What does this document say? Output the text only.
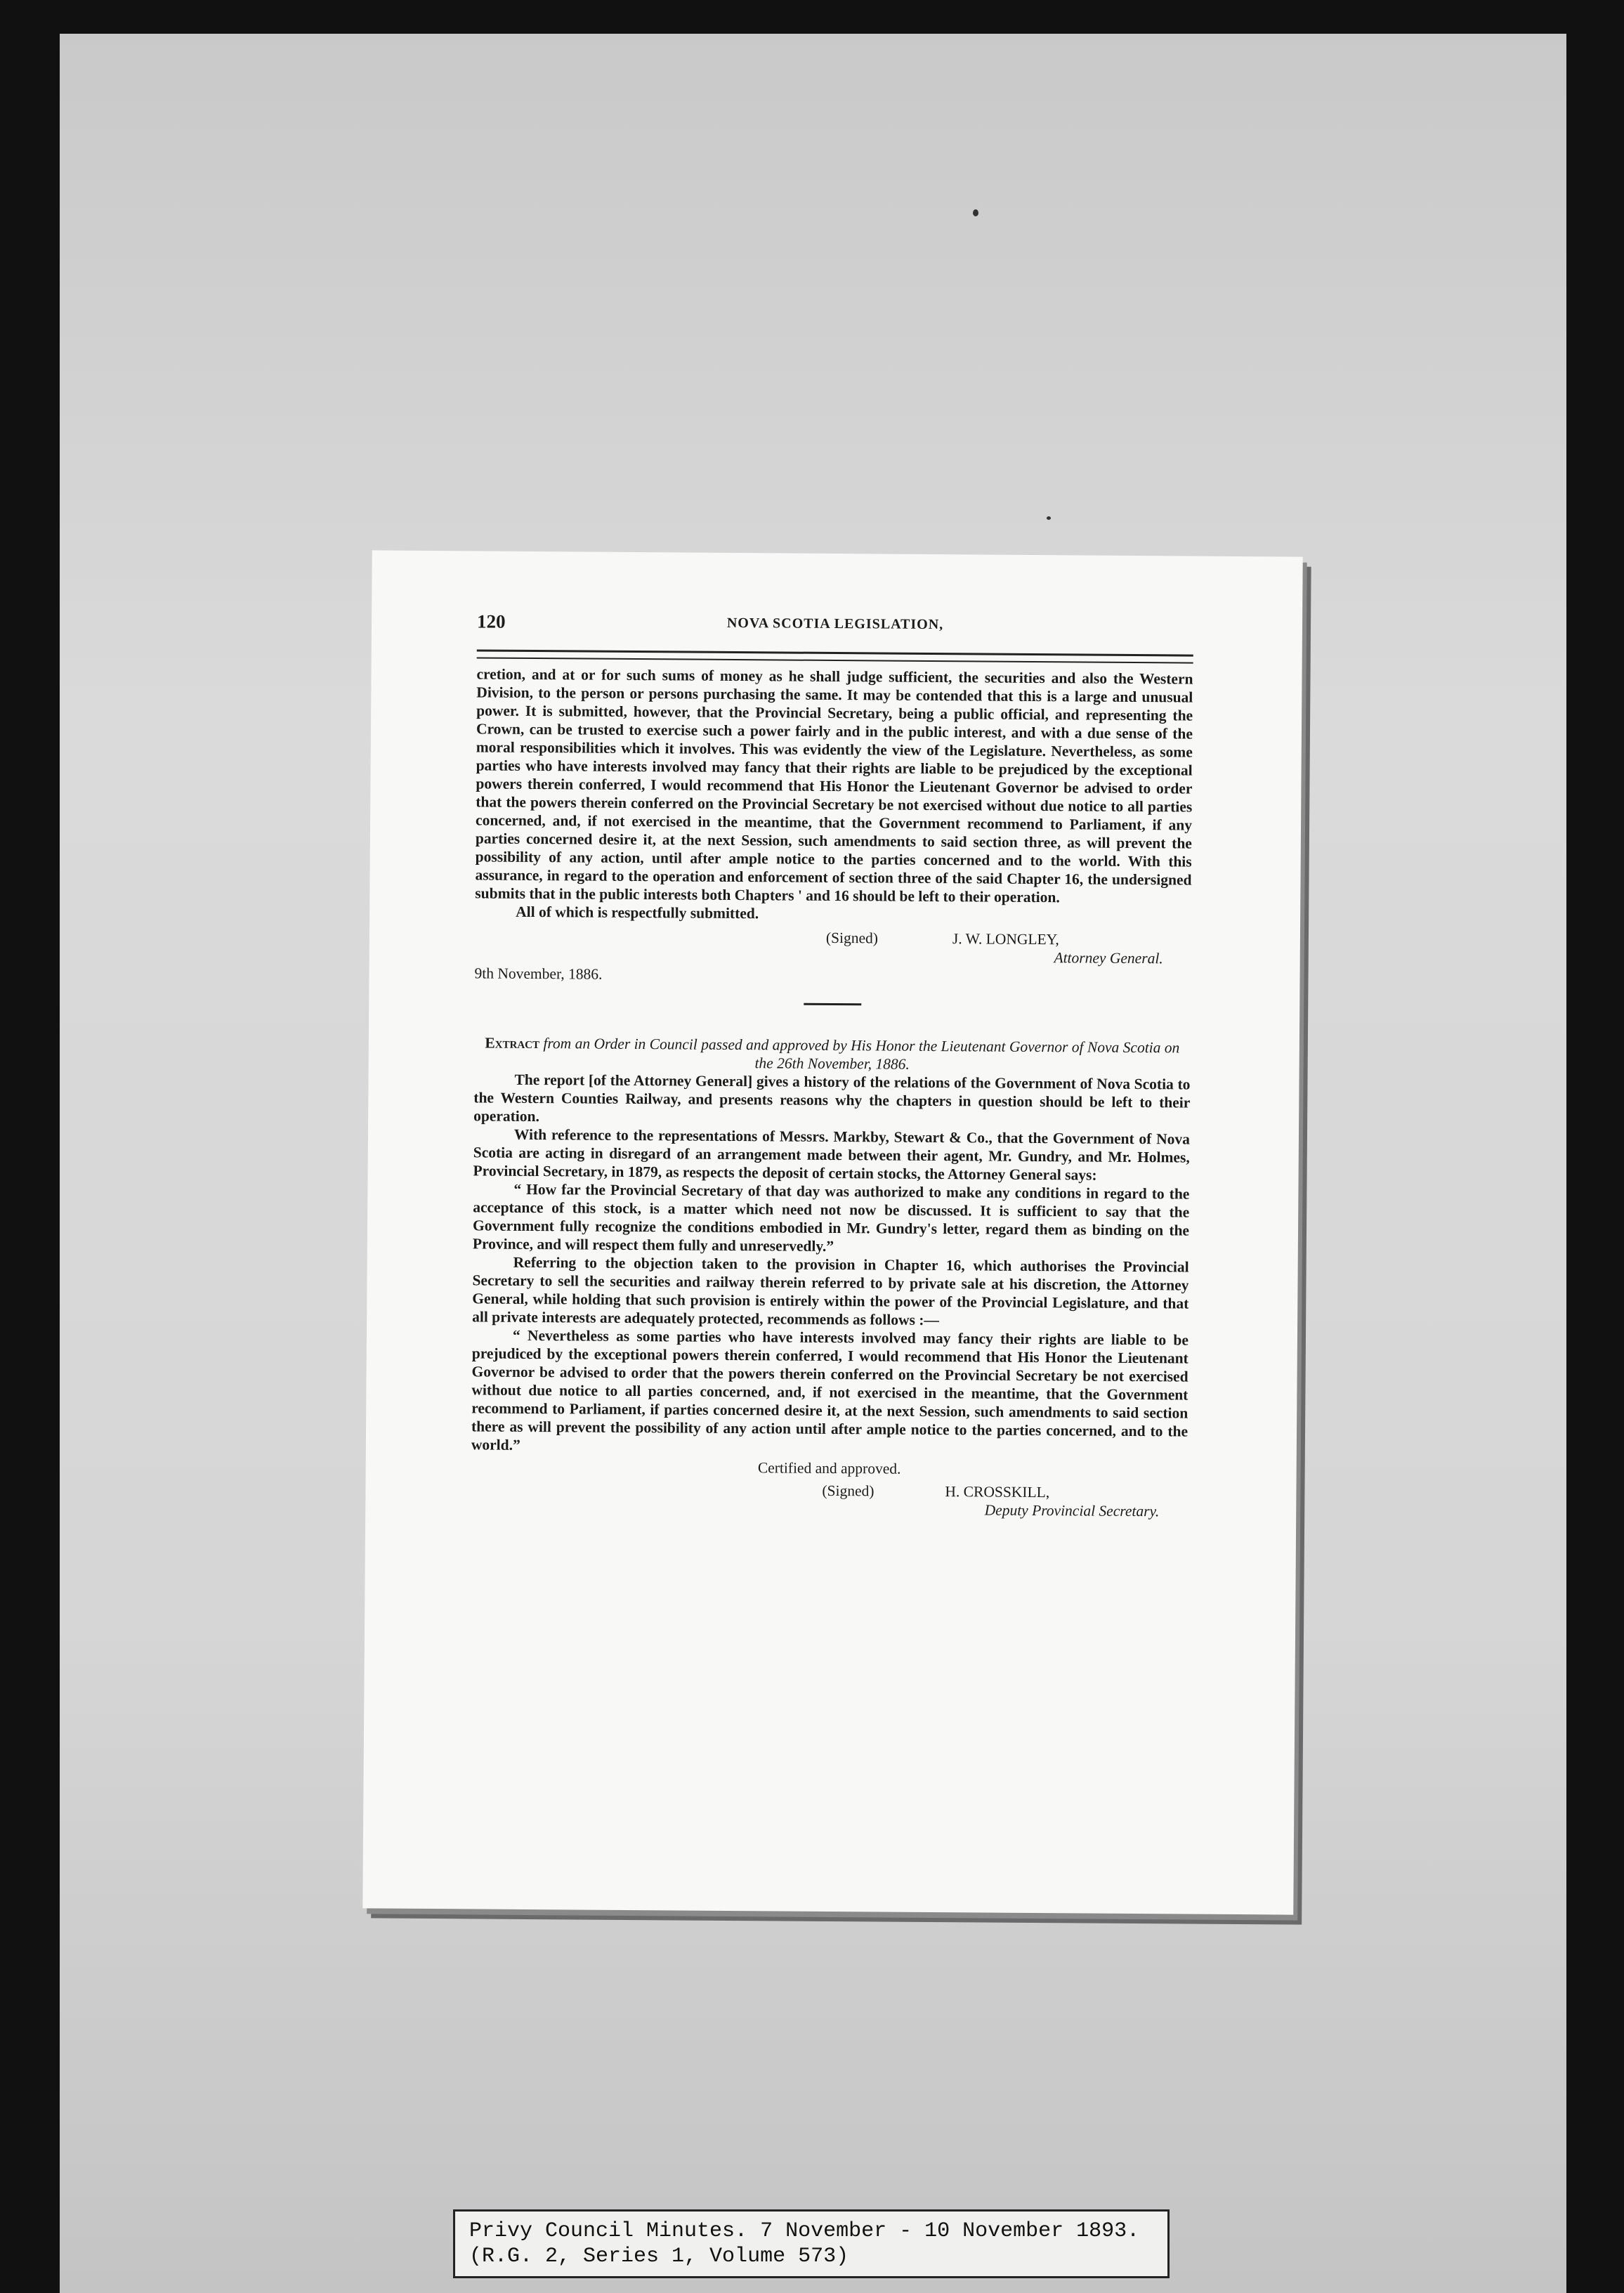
120	NOVA SCOTIA LEGISLATION,

cretion, and at or for such sums of money as he shall judge sufficient, the securities and also the Western Division, to the person or persons purchasing the same. It may be contended that this is a large and unusual power. It is submitted, however, that the Provincial Secretary, being a public official, and representing the Crown, can be trusted to exercise such a power fairly and in the public interest, and with a due sense of the moral responsibilities which it involves. This was evidently the view of the Legislature. Nevertheless, as some parties who have interests involved may fancy that their rights are liable to be prejudiced by the exceptional powers therein conferred, I would recommend that His Honor the Lieutenant Governor be advised to order that the powers therein conferred on the Provincial Secretary be not exercised without due notice to all parties concerned, and, if not exercised in the meantime, that the Government recommend to Parliament, if any parties concerned desire it, at the next Session, such amendments to said section three, as will prevent the possibility of any action, until after ample notice to the parties concerned and to the world. With this assurance, in regard to the operation and enforcement of section three of the said Chapter 16, the undersigned submits that in the public interests both Chapters ' and 16 should be left to their operation.

All of which is respectfully submitted.

(Signed)	J. W. LONGLEY,
Attorney General.

9th November, 1886.

Extract from an Order in Council passed and approved by His Honor the Lieutenant Governor of Nova Scotia on the 26th November, 1886.

The report [of the Attorney General] gives a history of the relations of the Government of Nova Scotia to the Western Counties Railway, and presents reasons why the chapters in question should be left to their operation.

With reference to the representations of Messrs. Markby, Stewart & Co., that the Government of Nova Scotia are acting in disregard of an arrangement made between their agent, Mr. Gundry, and Mr. Holmes, Provincial Secretary, in 1879, as respects the deposit of certain stocks, the Attorney General says:

“ How far the Provincial Secretary of that day was authorized to make any conditions in regard to the acceptance of this stock, is a matter which need not now be discussed. It is sufficient to say that the Government fully recognize the conditions embodied in Mr. Gundry's letter, regard them as binding on the Province, and will respect them fully and unreservedly.”

Referring to the objection taken to the provision in Chapter 16, which authorises the Provincial Secretary to sell the securities and railway therein referred to by private sale at his discretion, the Attorney General, while holding that such provision is entirely within the power of the Provincial Legislature, and that all private interests are adequately protected, recommends as follows :—

“ Nevertheless as some parties who have interests involved may fancy their rights are liable to be prejudiced by the exceptional powers therein conferred, I would recommend that His Honor the Lieutenant Governor be advised to order that the powers therein conferred on the Provincial Secretary be not exercised without due notice to all parties concerned, and, if not exercised in the meantime, that the Government recommend to Parliament, if parties concerned desire it, at the next Session, such amendments to said section there as will prevent the possibility of any action until after ample notice to the parties concerned, and to the world.”

Certified and approved.

(Signed)	H. CROSSKILL,
Deputy Provincial Secretary.
Privy Council Minutes. 7 November - 10 November 1893.
(R.G. 2, Series 1, Volume 573)
